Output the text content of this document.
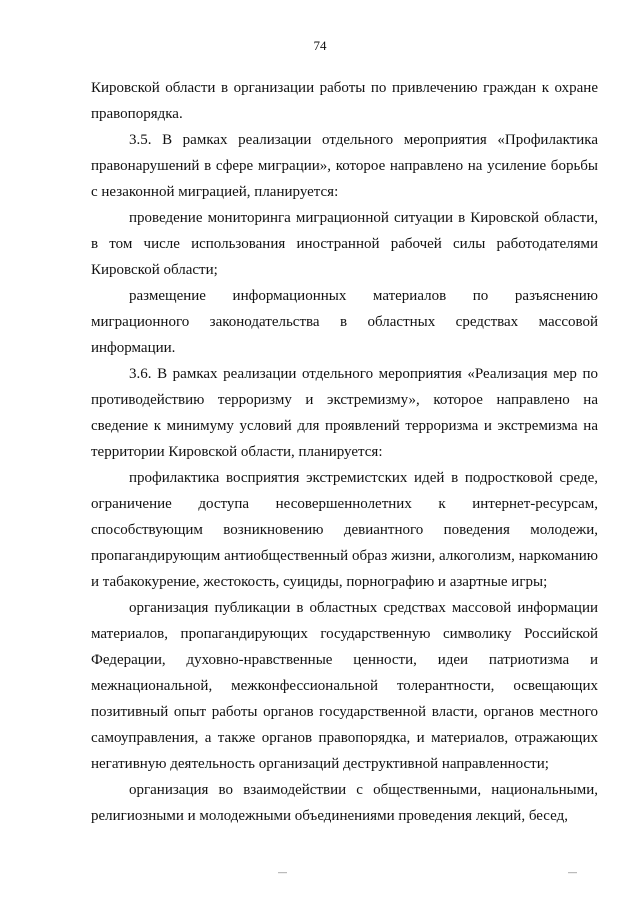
74

Кировской области в организации работы по привлечению граждан к охране правопорядка.

3.5. В рамках реализации отдельного мероприятия «Профилактика правонарушений в сфере миграции», которое направлено на усиление борьбы с незаконной миграцией, планируется:

проведение мониторинга миграционной ситуации в Кировской области, в том числе использования иностранной рабочей силы работодателями Кировской области;

размещение информационных материалов по разъяснению миграционного законодательства в областных средствах массовой информации.

3.6. В рамках реализации отдельного мероприятия «Реализация мер по противодействию терроризму и экстремизму», которое направлено на сведение к минимуму условий для проявлений терроризма и экстремизма на территории Кировской области, планируется:

профилактика восприятия экстремистских идей в подростковой среде, ограничение доступа несовершеннолетних к интернет-ресурсам, способствующим возникновению девиантного поведения молодежи, пропагандирующим антиобщественный образ жизни, алкоголизм, наркоманию и табакокурение, жестокость, суициды, порнографию и азартные игры;

организация публикации в областных средствах массовой информации материалов, пропагандирующих государственную символику Российской Федерации, духовно-нравственные ценности, идеи патриотизма и межнациональной, межконфессиональной толерантности, освещающих позитивный опыт работы органов государственной власти, органов местного самоуправления, а также органов правопорядка, и материалов, отражающих негативную деятельность организаций деструктивной направленности;

организация во взаимодействии с общественными, национальными, религиозными и молодежными объединениями проведения лекций, бесед,

—	—
